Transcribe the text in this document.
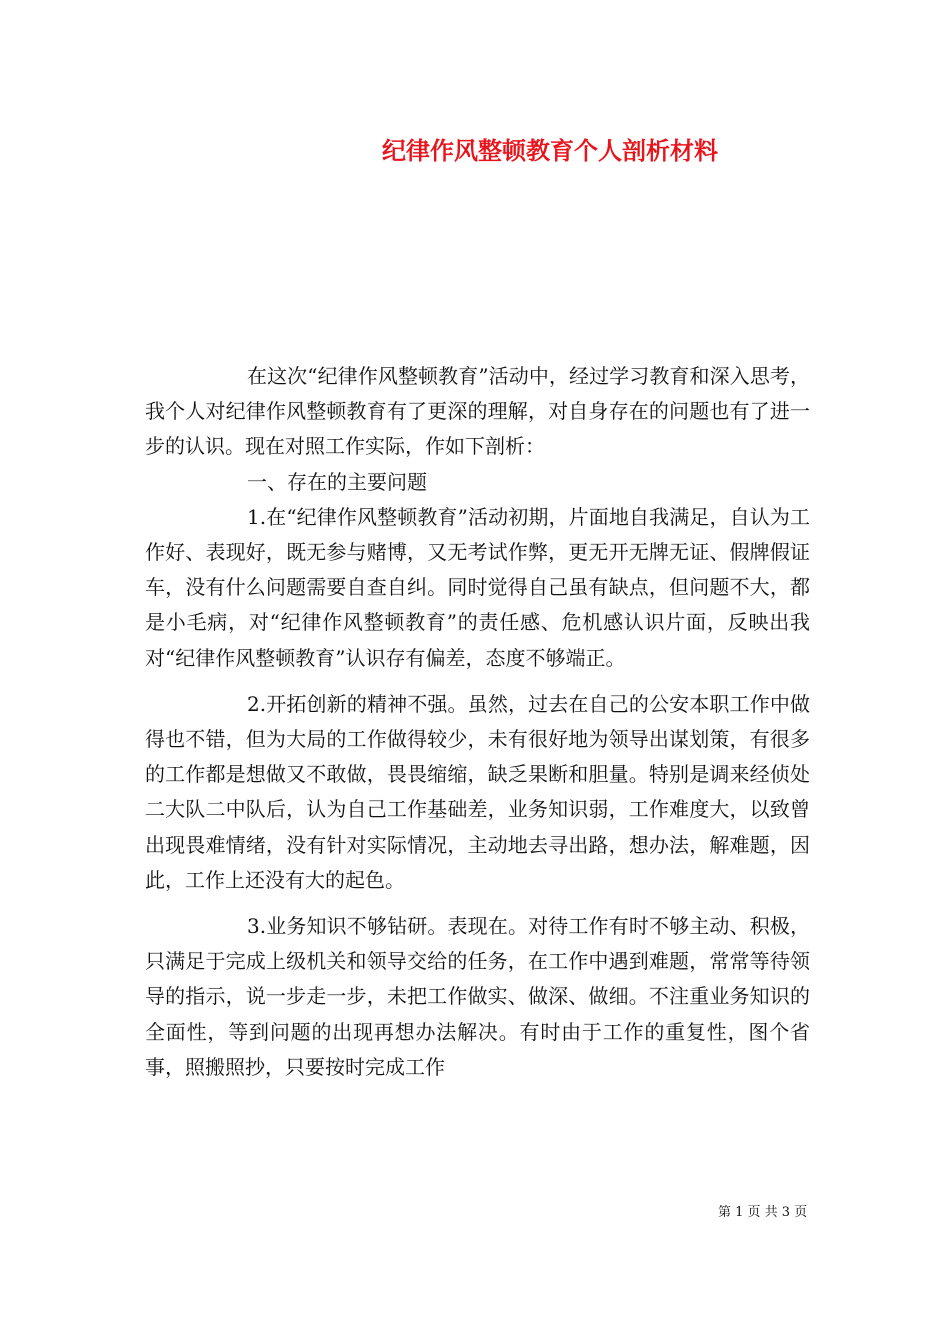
纪律作风整顿教育个人剖析材料

在这次“纪律作风整顿教育”活动中，经过学习教育和深入思考，我个人对纪律作风整顿教育有了更深的理解，对自身存在的问题也有了进一步的认识。现在对照工作实际，作如下剖析：

一、存在的主要问题

1.在“纪律作风整顿教育”活动初期，片面地自我满足，自认为工作好、表现好，既无参与赌博，又无考试作弊，更无开无牌无证、假牌假证车，没有什么问题需要自查自纠。同时觉得自己虽有缺点，但问题不大，都是小毛病，对“纪律作风整顿教育”的责任感、危机感认识片面，反映出我对“纪律作风整顿教育”认识存有偏差，态度不够端正。

2.开拓创新的精神不强。虽然，过去在自己的公安本职工作中做得也不错，但为大局的工作做得较少，未有很好地为领导出谋划策，有很多的工作都是想做又不敢做，畏畏缩缩，缺乏果断和胆量。特别是调来经侦处二大队二中队后，认为自己工作基础差，业务知识弱，工作难度大，以致曾出现畏难情绪，没有针对实际情况，主动地去寻出路，想办法，解难题，因此，工作上还没有大的起色。

3.业务知识不够钻研。表现在。对待工作有时不够主动、积极，只满足于完成上级机关和领导交给的任务，在工作中遇到难题，常常等待领导的指示，说一步走一步，未把工作做实、做深、做细。不注重业务知识的全面性，等到问题的出现再想办法解决。有时由于工作的重复性，图个省事，照搬照抄，只要按时完成工作

第 1 页 共 3 页
